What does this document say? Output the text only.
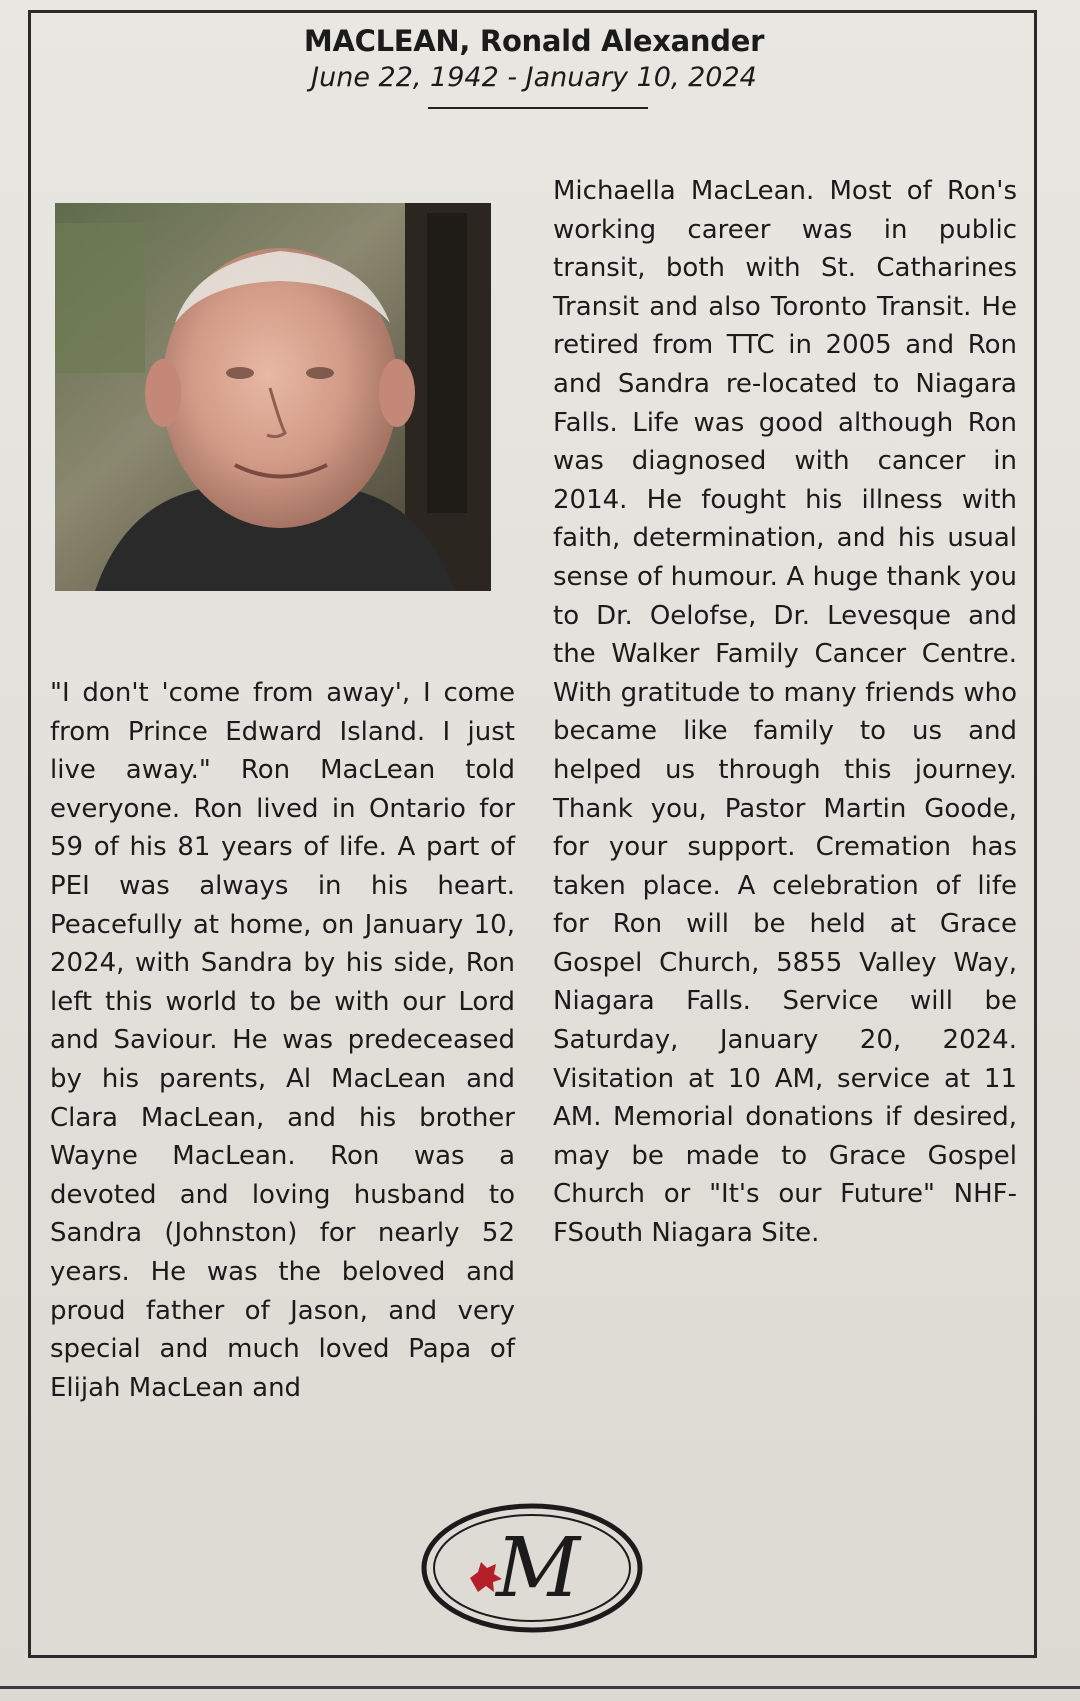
MACLEAN, Ronald Alexander
June 22, 1942 - January 10, 2024

"I don't 'come from away', I come from Prince Edward Island. I just live away." Ron MacLean told everyone. Ron lived in Ontario for 59 of his 81 years of life. A part of PEI was always in his heart. Peacefully at home, on January 10, 2024, with Sandra by his side, Ron left this world to be with our Lord and Saviour. He was predeceased by his parents, Al MacLean and Clara MacLean, and his brother Wayne MacLean. Ron was a devoted and loving husband to Sandra (Johnston) for nearly 52 years. He was the beloved and proud father of Jason, and very special and much loved Papa of Elijah MacLean and

Michaella MacLean. Most of Ron's working career was in public transit, both with St. Catharines Transit and also Toronto Transit. He retired from TTC in 2005 and Ron and Sandra re-located to Niagara Falls. Life was good although Ron was diagnosed with cancer in 2014. He fought his illness with faith, determination, and his usual sense of humour. A huge thank you to Dr. Oelofse, Dr. Levesque and the Walker Family Cancer Centre. With gratitude to many friends who became like family to us and helped us through this journey. Thank you, Pastor Martin Goode, for your support. Cremation has taken place. A celebration of life for Ron will be held at Grace Gospel Church, 5855 Valley Way, Niagara Falls. Service will be Saturday, January 20, 2024. Visitation at 10 AM, service at 11 AM. Memorial donations if desired, may be made to Grace Gospel Church or "It's our Future" NHF-FSouth Niagara Site.

M
